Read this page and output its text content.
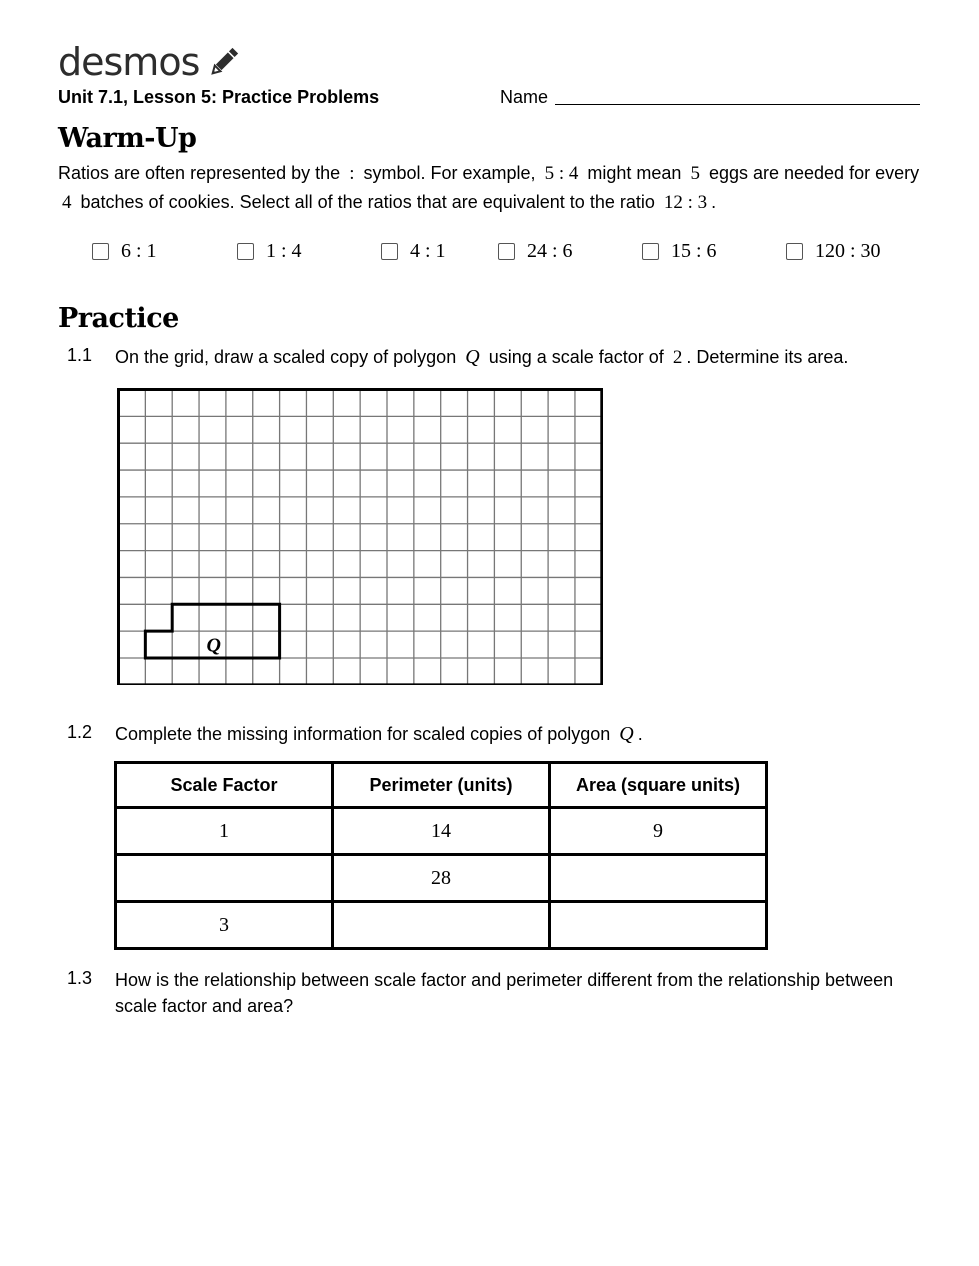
desmos
Unit 7.1, Lesson 5: Practice Problems	Name
Warm-Up
Ratios are often represented by the : symbol. For example, 5 : 4 might mean 5 eggs are needed for every 4 batches of cookies. Select all of the ratios that are equivalent to the ratio 12 : 3 .
6 : 1	1 : 4	4 : 1	24 : 6	15 : 6	120 : 30
Practice
1.1 On the grid, draw a scaled copy of polygon Q using a scale factor of 2 . Determine its area.
Q
1.2 Complete the missing information for scaled copies of polygon Q .
Scale Factor	Perimeter (units)	Area (square units)
1	14	9
	28	
3		
1.3 How is the relationship between scale factor and perimeter different from the relationship between scale factor and area?
